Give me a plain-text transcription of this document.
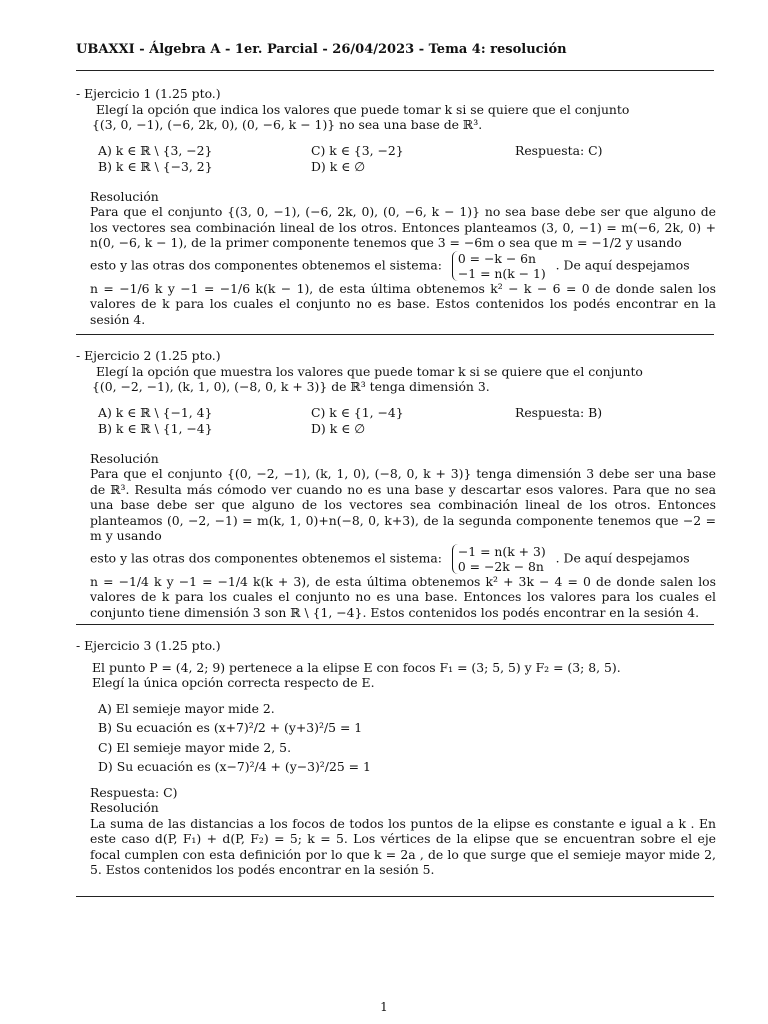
UBAXXI - Álgebra A - 1er. Parcial - 26/04/2023 - Tema 4: resolución
- Ejercicio 1 (1.25 pto.)
Elegí la opción que indica los valores que puede tomar k si se quiere que el conjunto
{(3, 0, −1), (−6, 2k, 0), (0, −6, k − 1)} no sea una base de ℝ³.
A) k ∈ ℝ \ {3, −2}
B) k ∈ ℝ \ {−3, 2}
C) k ∈ {3, −2}
D) k ∈ ∅
Respuesta: C)
Resolución
Para que el conjunto {(3, 0, −1), (−6, 2k, 0), (0, −6, k − 1)} no sea base debe ser que alguno de los vectores sea combinación lineal de los otros. Entonces planteamos (3, 0, −1) = m(−6, 2k, 0) + n(0, −6, k − 1), de la primer componente tenemos que 3 = −6m o sea que m = −1/2 y usando
esto y las otras dos componentes obtenemos el sistema: 0 = −k − 6n
−1 = n(k − 1)
. De aquí despejamos
n = −1/6 k y −1 = −1/6 k(k − 1), de esta última obtenemos k² − k − 6 = 0 de donde salen los valores de k para los cuales el conjunto no es base. Estos contenidos los podés encontrar en la sesión 4.
- Ejercicio 2 (1.25 pto.)
Elegí la opción que muestra los valores que puede tomar k si se quiere que el conjunto
{(0, −2, −1), (k, 1, 0), (−8, 0, k + 3)} de ℝ³ tenga dimensión 3.
A) k ∈ ℝ \ {−1, 4}
B) k ∈ ℝ \ {1, −4}
C) k ∈ {1, −4}
D) k ∈ ∅
Respuesta: B)
Resolución
Para que el conjunto {(0, −2, −1), (k, 1, 0), (−8, 0, k + 3)} tenga dimensión 3 debe ser una base de ℝ³. Resulta más cómodo ver cuando no es una base y descartar esos valores. Para que no sea una base debe ser que alguno de los vectores sea combinación lineal de los otros. Entonces planteamos (0, −2, −1) = m(k, 1, 0)+n(−8, 0, k+3), de la segunda componente tenemos que −2 = m y usando
esto y las otras dos componentes obtenemos el sistema: −1 = n(k + 3)
0 = −2k − 8n
. De aquí despejamos
n = −1/4 k y −1 = −1/4 k(k + 3), de esta última obtenemos k² + 3k − 4 = 0 de donde salen los valores de k para los cuales el conjunto no es una base. Entonces los valores para los cuales el conjunto tiene dimensión 3 son ℝ \ {1, −4}. Estos contenidos los podés encontrar en la sesión 4.
- Ejercicio 3 (1.25 pto.)
El punto P = (4, 2; 9) pertenece a la elipse E con focos F₁ = (3; 5, 5) y F₂ = (3; 8, 5).
Elegí la única opción correcta respecto de E.
A) El semieje mayor mide 2.
B) Su ecuación es (x+7)²/2 + (y+3)²/5 = 1
C) El semieje mayor mide 2, 5.
D) Su ecuación es (x−7)²/4 + (y−3)²/25 = 1
Respuesta: C)
Resolución
La suma de las distancias a los focos de todos los puntos de la elipse es constante e igual a k . En este caso d(P, F₁) + d(P, F₂) = 5; k = 5. Los vértices de la elipse que se encuentran sobre el eje focal cumplen con esta definición por lo que k = 2a , de lo que surge que el semieje mayor mide 2, 5. Estos contenidos los podés encontrar en la sesión 5.
1
